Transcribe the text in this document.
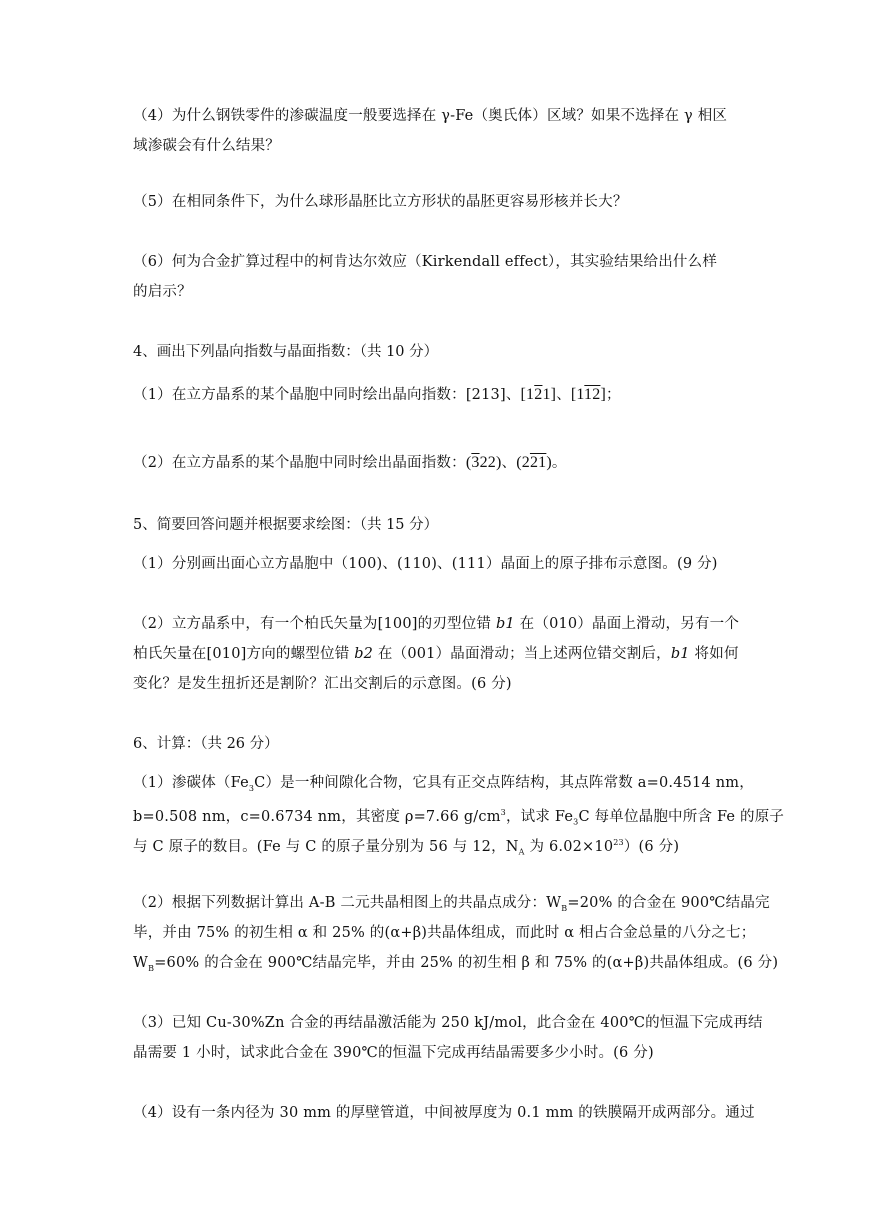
（4）为什么钢铁零件的渗碳温度一般要选择在 γ-Fe（奥氏体）区域？如果不选择在 γ 相区
域渗碳会有什么结果？
（5）在相同条件下，为什么球形晶胚比立方形状的晶胚更容易形核并长大？
（6）何为合金扩算过程中的柯肯达尔效应（Kirkendall effect），其实验结果给出什么样
的启示？
4、画出下列晶向指数与晶面指数：（共 10 分）
（1）在立方晶系的某个晶胞中同时绘出晶向指数：[213]、[121]、[112]；
（2）在立方晶系的某个晶胞中同时绘出晶面指数：(322)、(221)。
5、简要回答问题并根据要求绘图：（共 15 分）
（1）分别画出面心立方晶胞中（100)、(110)、(111）晶面上的原子排布示意图。(9 分)
（2）立方晶系中，有一个柏氏矢量为[100]的刃型位错 b1 在（010）晶面上滑动，另有一个
柏氏矢量在[010]方向的螺型位错 b2 在（001）晶面滑动；当上述两位错交割后，b1 将如何
变化？是发生扭折还是割阶？汇出交割后的示意图。(6 分)
6、计算：（共 26 分）
（1）渗碳体$(Fe_3C)$是一种间隙化合物，它具有正交点阵结构，其点阵常数 a=0.4514 nm，
b=0.508 nm，c=0.6734 nm，其密度 ρ=7.66 $g/cm^3$，试求 $Fe_3C$ 每单位晶胞中所含 Fe 的原子
与 C 原子的数目。(Fe 与 C 的原子量分别为 56 与 12，$N_A$ 为 $6.02\times 10^{23})(6$ 分)
（2）根据下列数据计算出 A-B 二元共晶相图上的共晶点成分：$W_B=20\%$ 的合金在 900℃结晶完
毕，并由 75% 的初生相 α 和 25% 的(α+β)共晶体组成，而此时 α 相占合金总量的八分之七；
$W_B=60\%$ 的合金在 900℃结晶完毕，并由 25% 的初生相 β 和 75% 的(α+β)共晶体组成。(6 分)
（3）已知 Cu-30%Zn 合金的再结晶激活能为 250 kJ/mol，此合金在 400℃的恒温下完成再结
晶需要 1 小时，试求此合金在 390℃的恒温下完成再结晶需要多少小时。(6 分)
（4）设有一条内径为 30 mm 的厚壁管道，中间被厚度为 0.1 mm 的铁膜隔开成两部分。通过
